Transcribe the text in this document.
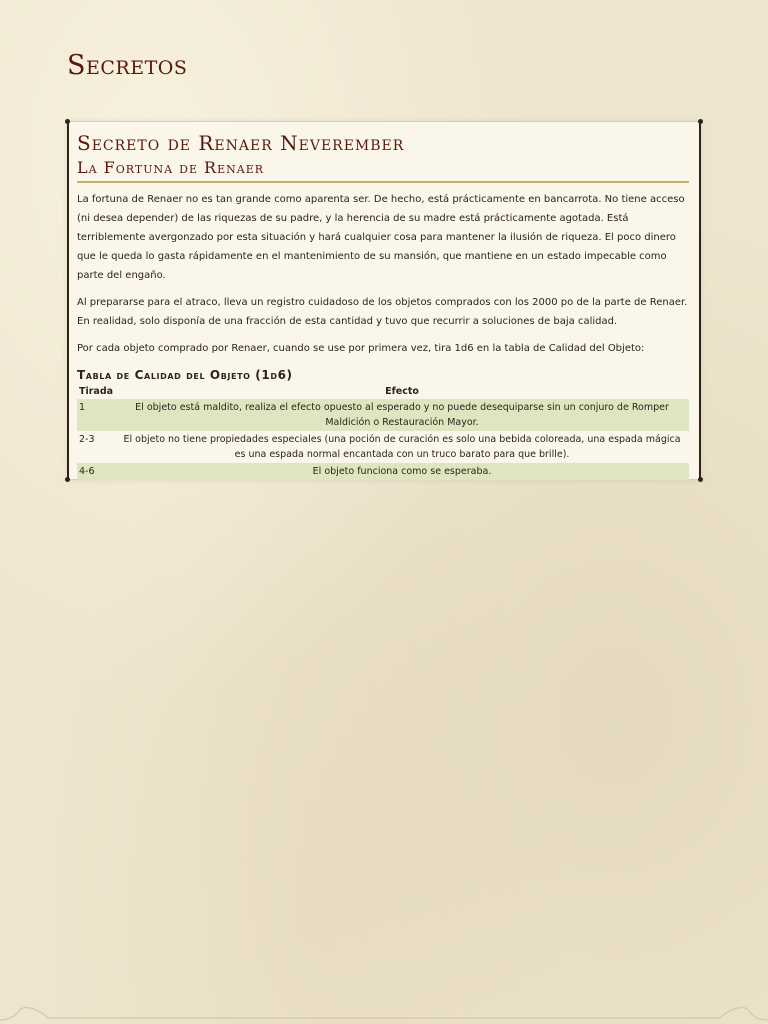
Secretos
Secreto de Renaer Neverember
La Fortuna de Renaer

La fortuna de Renaer no es tan grande como aparenta ser. De hecho, está prácticamente en bancarrota. No tiene acceso (ni desea depender) de las riquezas de su padre, y la herencia de su madre está prácticamente agotada. Está terriblemente avergonzado por esta situación y hará cualquier cosa para mantener la ilusión de riqueza. El poco dinero que le queda lo gasta rápidamente en el mantenimiento de su mansión, que mantiene en un estado impecable como parte del engaño.

Al prepararse para el atraco, lleva un registro cuidadoso de los objetos comprados con los 2000 po de la parte de Renaer. En realidad, solo disponía de una fracción de esta cantidad y tuvo que recurrir a soluciones de baja calidad.

Por cada objeto comprado por Renaer, cuando se use por primera vez, tira 1d6 en la tabla de Calidad del Objeto:

Tabla de Calidad del Objeto (1d6)
Tirada	Efecto
1	El objeto está maldito, realiza el efecto opuesto al esperado y no puede desequiparse sin un conjuro de Romper Maldición o Restauración Mayor.
2-3	El objeto no tiene propiedades especiales (una poción de curación es solo una bebida coloreada, una espada mágica es una espada normal encantada con un truco barato para que brille).
4-6	El objeto funciona como se esperaba.
